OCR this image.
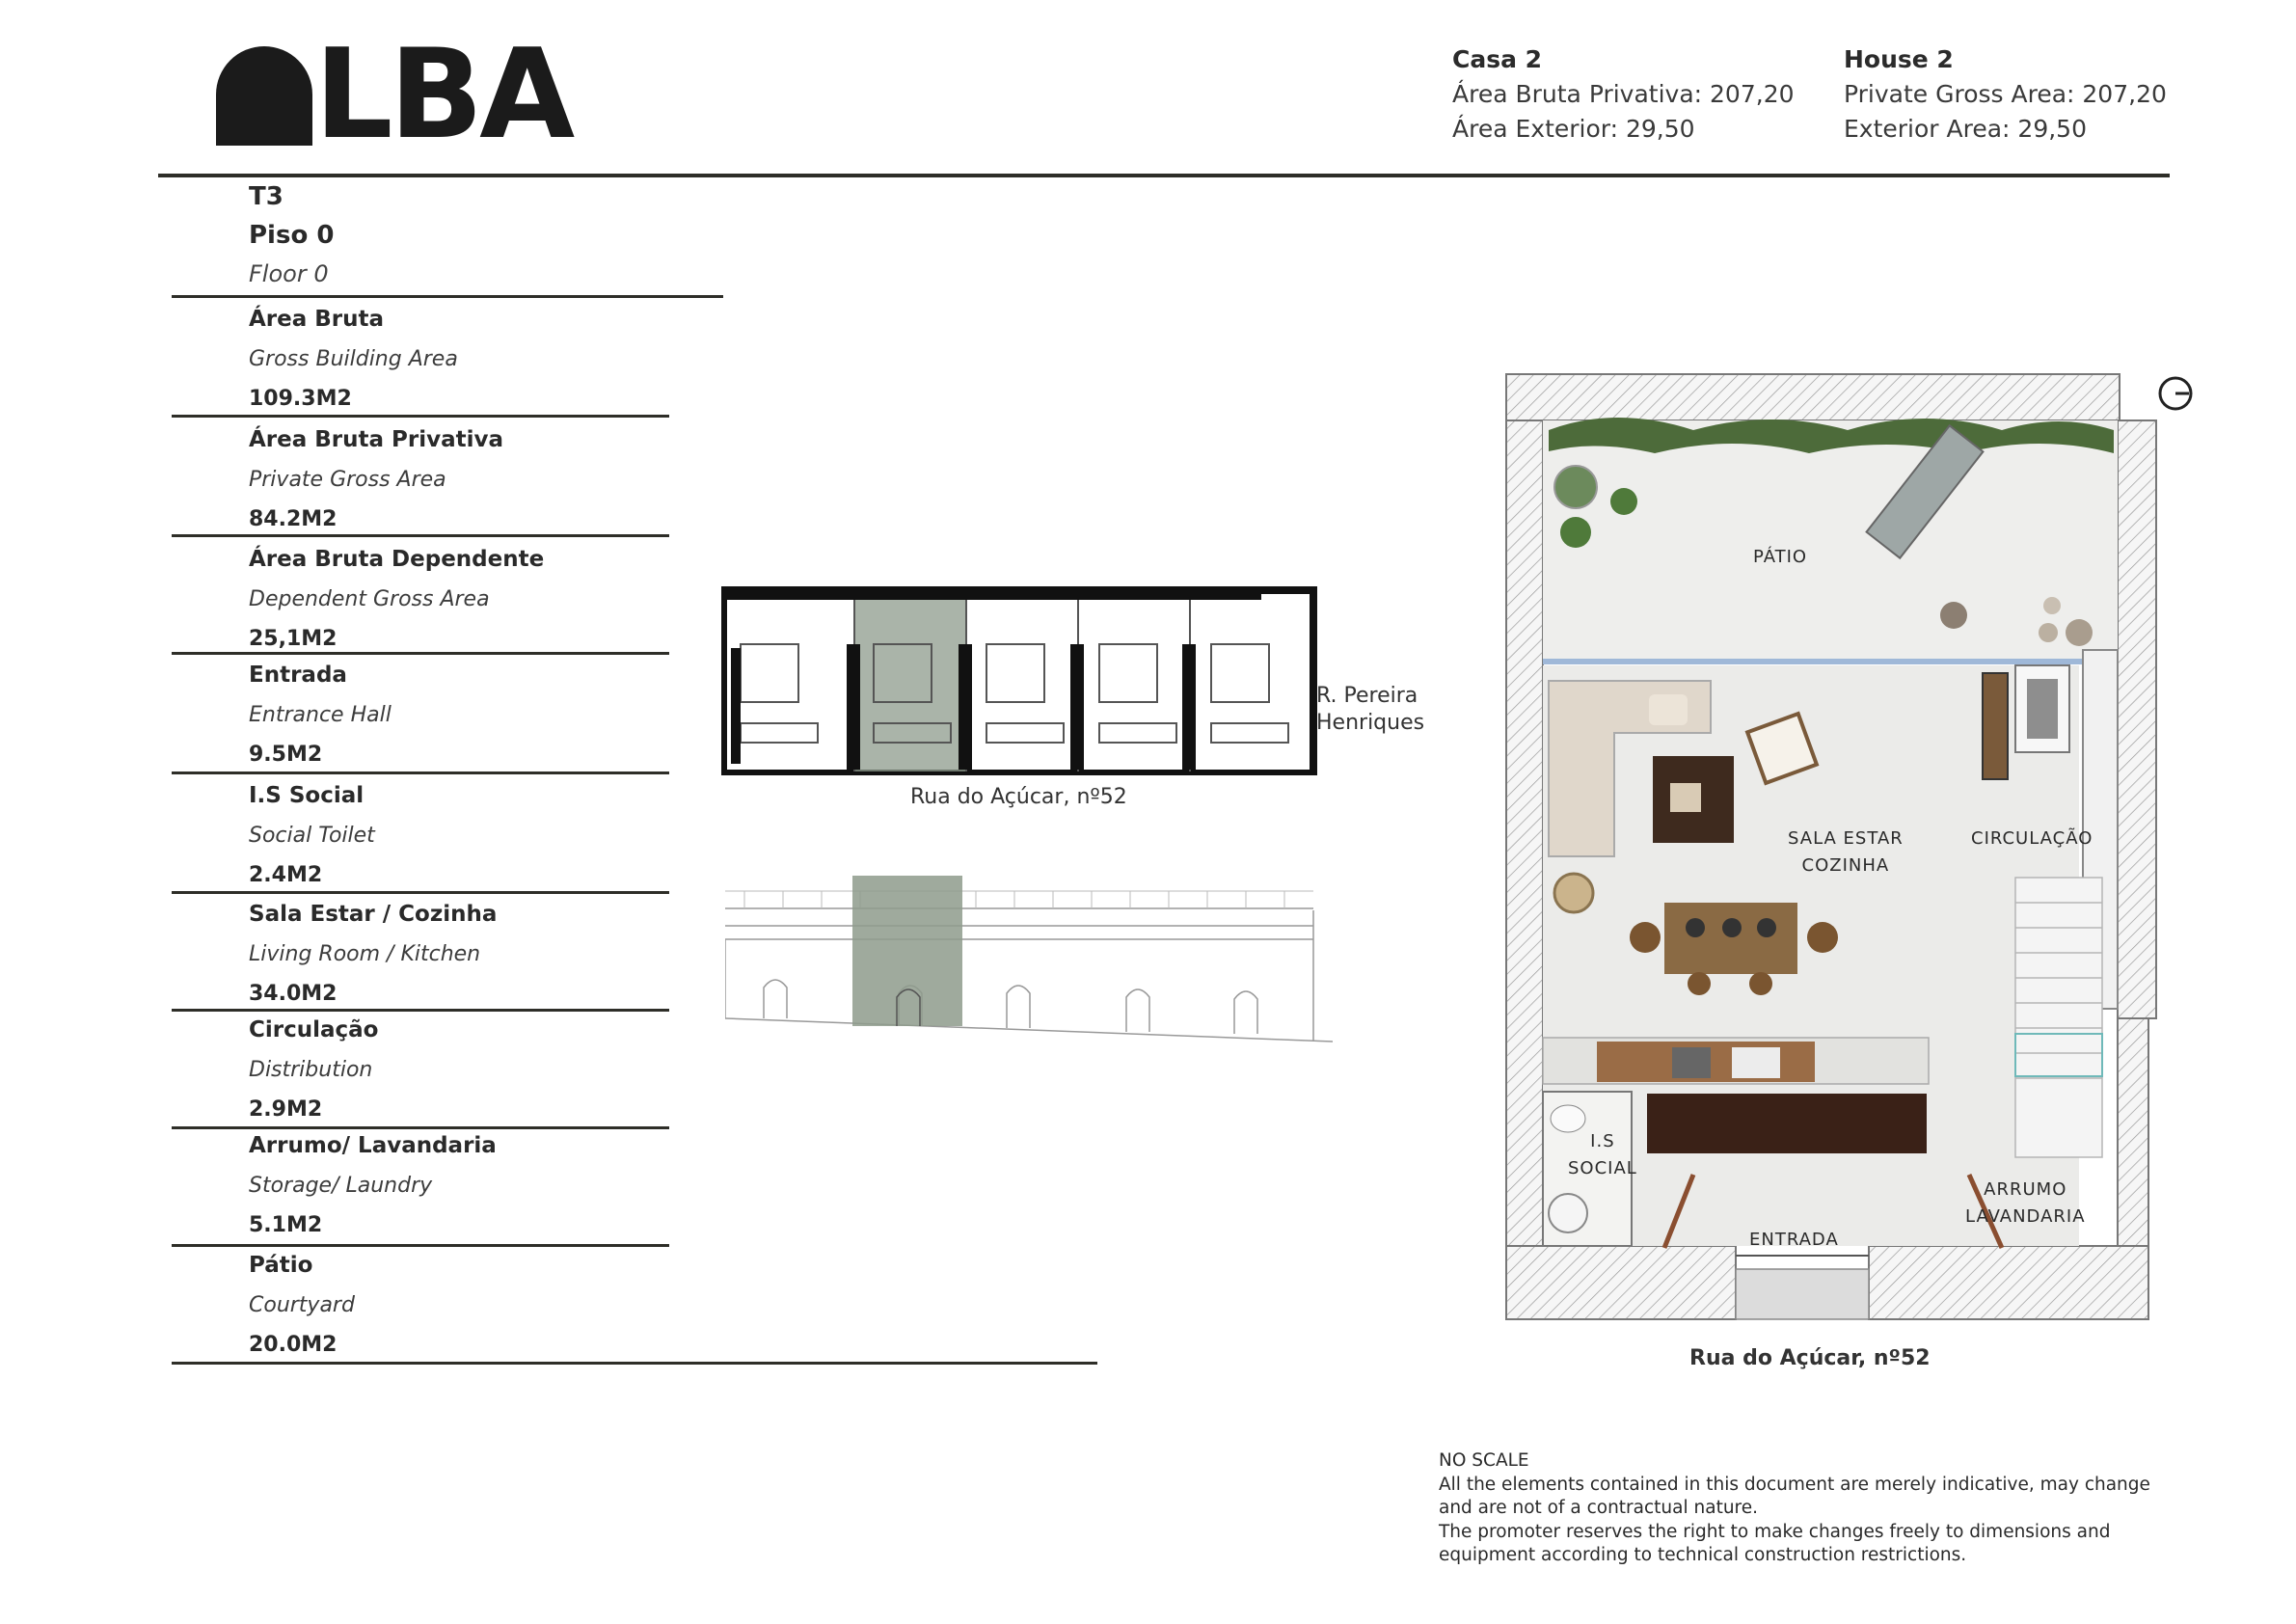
LBA	Casa 2
Área Bruta Privativa: 207,20
Área Exterior: 29,50
House 2
Private Gross Area: 207,20
Exterior Area: 29,50
T3
Piso 0
Floor 0
Área Bruta
Gross Building Area
109.3M2
Área Bruta Privativa
Private Gross Area
84.2M2
Área Bruta Dependente
Dependent Gross Area
25,1M2
Entrada
Entrance Hall
9.5M2
I.S Social
Social Toilet
2.4M2
Sala Estar / Cozinha
Living Room / Kitchen
34.0M2
Circulação
Distribution
2.9M2
Arrumo/ Lavandaria
Storage/ Laundry
5.1M2
Pátio
Courtyard
20.0M2
R. Pereira
Henriques
Rua do Açúcar, nº52
PÁTIO
SALA ESTAR
COZINHA
CIRCULAÇÃO
I.S
SOCIAL
ENTRADA
ARRUMO
LAVANDARIA
Rua do Açúcar, nº52
NO SCALE
All the elements contained in this document are merely indicative, may change
and are not of a contractual nature.
The promoter reserves the right to make changes freely to dimensions and
equipment according to technical construction restrictions.
